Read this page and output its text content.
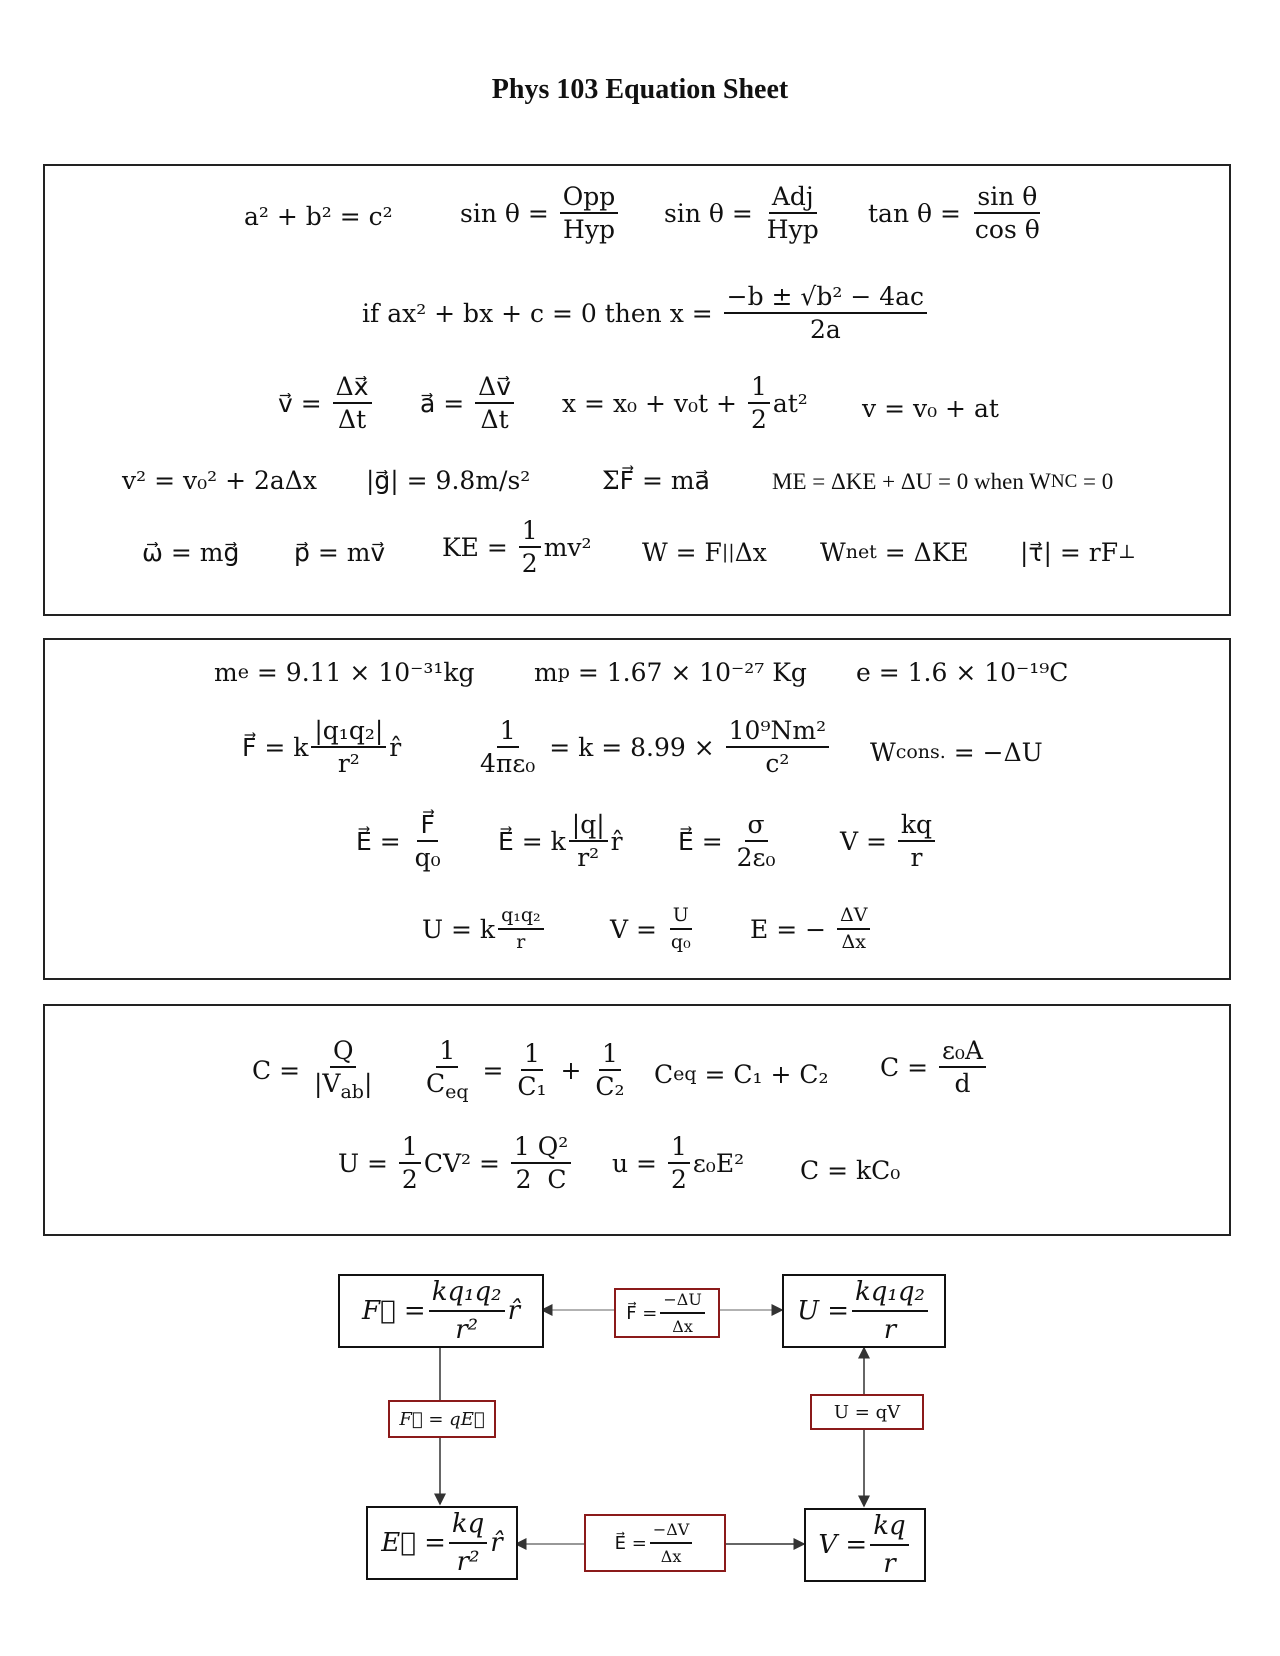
Phys 103 Equation Sheet
a² + b² = c²	$\sin \theta = \frac{\text{Opp}}{\text{Hyp}}$ $\sin \theta = \frac{\text{Adj}}{\text{Hyp}}$ $\tan \theta = \frac{\text{sin θ}}{\text{cos θ}}$
if ax² + bx + c = 0 then $x = \frac{\text{−b ± √b² − 4ac}}{2a}$
v⃗ = $\frac{\Delta x⃗}{\Delta t}$ a⃗ = $\frac{\Delta v⃗}{\Delta t}$ $x = x_0 + v_0t + \frac{1}{2} at^2$ v = v₀ + at
v² = v₀² + 2aΔx |g⃗| = 9.8m/s²	ΣF⃗ = ma⃗	ME = ΔKE + ΔU = 0 when W NC = 0
ω⃗ = mg⃗ p⃗ = mv⃗ KE = $\frac{1}{2} mv^2$ W = F || Δx W net = ΔKE |τ⃗| = rF ⊥
m e = 9.11 × 10⁻³¹kg m p = 1.67 × 10⁻²⁷ Kg e = 1.6 × 10⁻¹⁹C
F⃗ = k $\frac{\text{|q₁q₂|}}{\text{r²}}$ r̂	$\frac{1}{\text{4πε₀}} = k = 8.99 \times \frac{\text{10⁹Nm²}}{\text{c²}}$ W cons. = −ΔU
E⃗ = $\frac{F⃗}{\text{q₀}}$ E⃗ = k $\frac{|q|}{\text{r²}}$ r̂ E⃗ = $\frac{\sigma}{\text{2ε₀}}$ $V = \frac{kq}{r}$
U = k $\frac{\text{q₁q₂}}{r}$	$V = \frac{U}{\text{q₀}}$ E = − $\frac{\Delta V}{\Delta x}$
$C = \frac{Q}{|V_{ab}|} \frac{1}{C_{eq}} = \frac{1}{\text{C₁}} + \frac{1}{\text{C₂}}$ C eq = C₁ + C₂ $C = \frac{\text{ε₀A}}{d}$
$U = \frac{1}{2} CV^2 = \frac{\text{1 Q²}}{2 C}$ $u = \frac{1}{2} \varepsilon_0E^2$ C = kC₀
F⃗ = $\frac{\text{kq₁q₂}}{\text{r²}}$ r̂	F⃗ = $\frac{-\Delta U}{\Delta x}$	$U = \frac{\text{kq₁q₂}}{r}$
F⃗ = qE⃗	U = qV
E⃗ = $\frac{kq}{\text{r²}}$ r̂	E⃗ = $\frac{-\Delta V}{\Delta x}$	$V = \frac{kq}{r}$
